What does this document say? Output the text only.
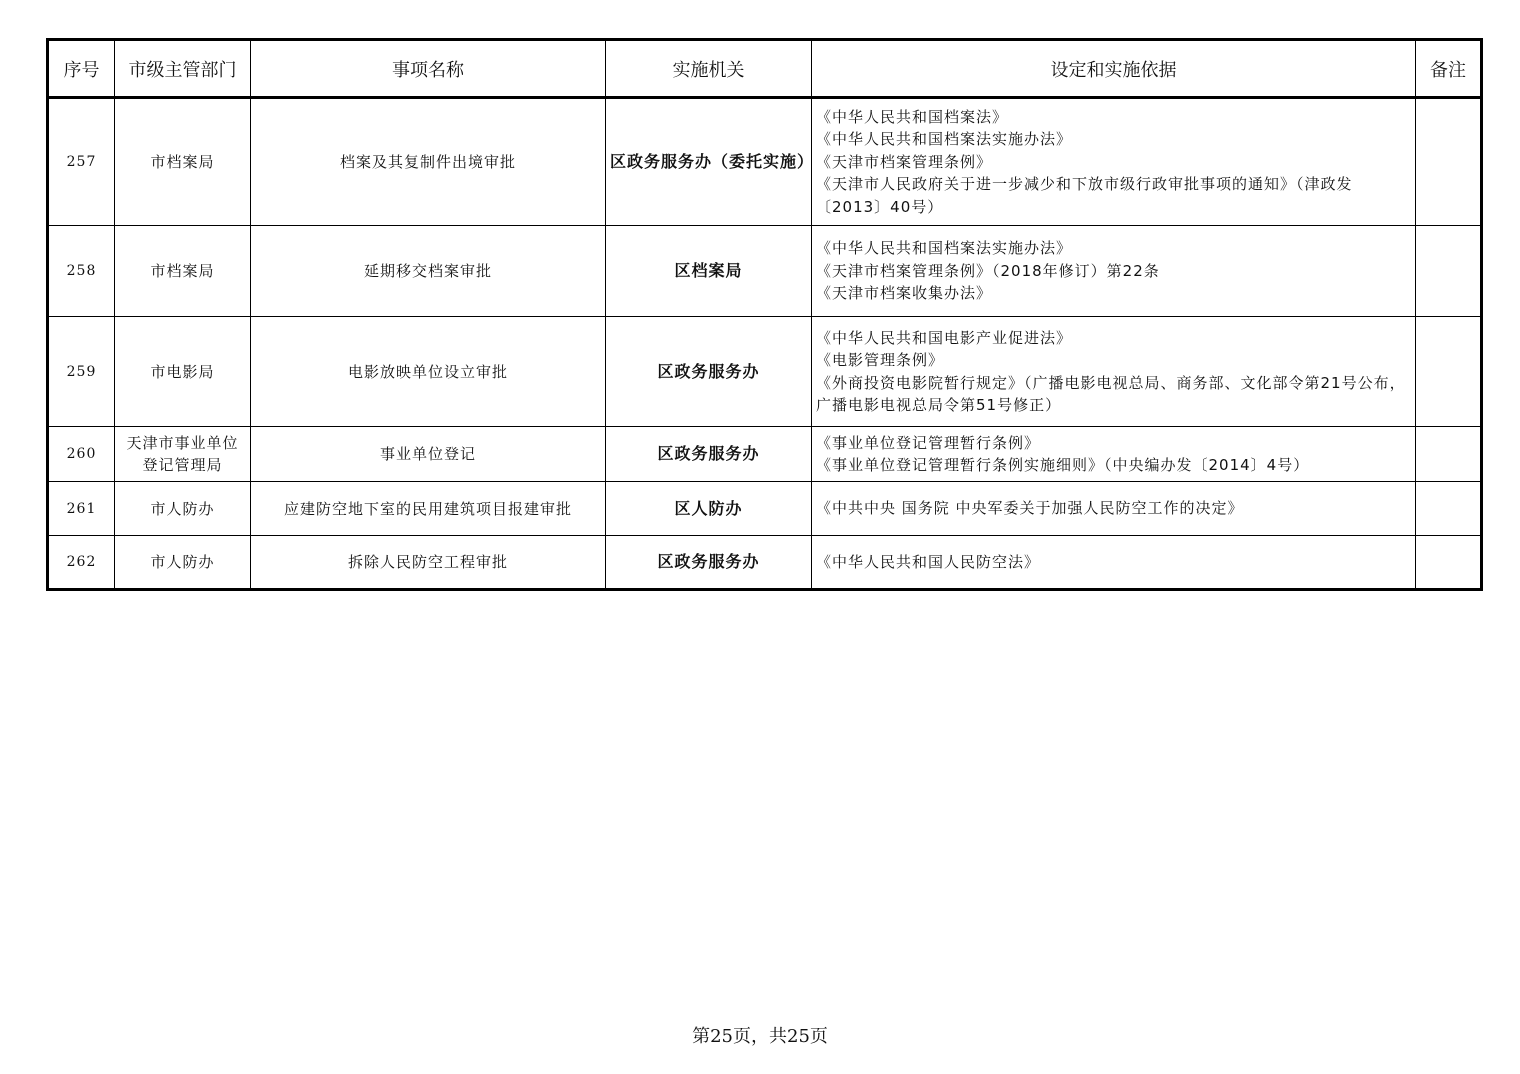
序号	市级主管部门	事项名称	实施机关	设定和实施依据	备注
257	市档案局	档案及其复制件出境审批	区政务服务办（委托实施）	《中华人民共和国档案法》
《中华人民共和国档案法实施办法》
《天津市档案管理条例》
《天津市人民政府关于进一步减少和下放市级行政审批事项的通知》（津政发〔2013〕40号）	

258	市档案局	延期移交档案审批	区档案局	《中华人民共和国档案法实施办法》
《天津市档案管理条例》（2018年修订）第22条
《天津市档案收集办法》	

259	市电影局	电影放映单位设立审批	区政务服务办	《中华人民共和国电影产业促进法》
《电影管理条例》
《外商投资电影院暂行规定》（广播电影电视总局、商务部、文化部令第21号公布，广播电影电视总局令第51号修正）	

260	天津市事业单位登记管理局	事业单位登记	区政务服务办	《事业单位登记管理暂行条例》
《事业单位登记管理暂行条例实施细则》（中央编办发〔2014〕4号）	

261	市人防办	应建防空地下室的民用建筑项目报建审批	区人防办	《中共中央 国务院 中央军委关于加强人民防空工作的决定》	

262	市人防办	拆除人民防空工程审批	区政务服务办	《中华人民共和国人民防空法》	

第25页，共25页
